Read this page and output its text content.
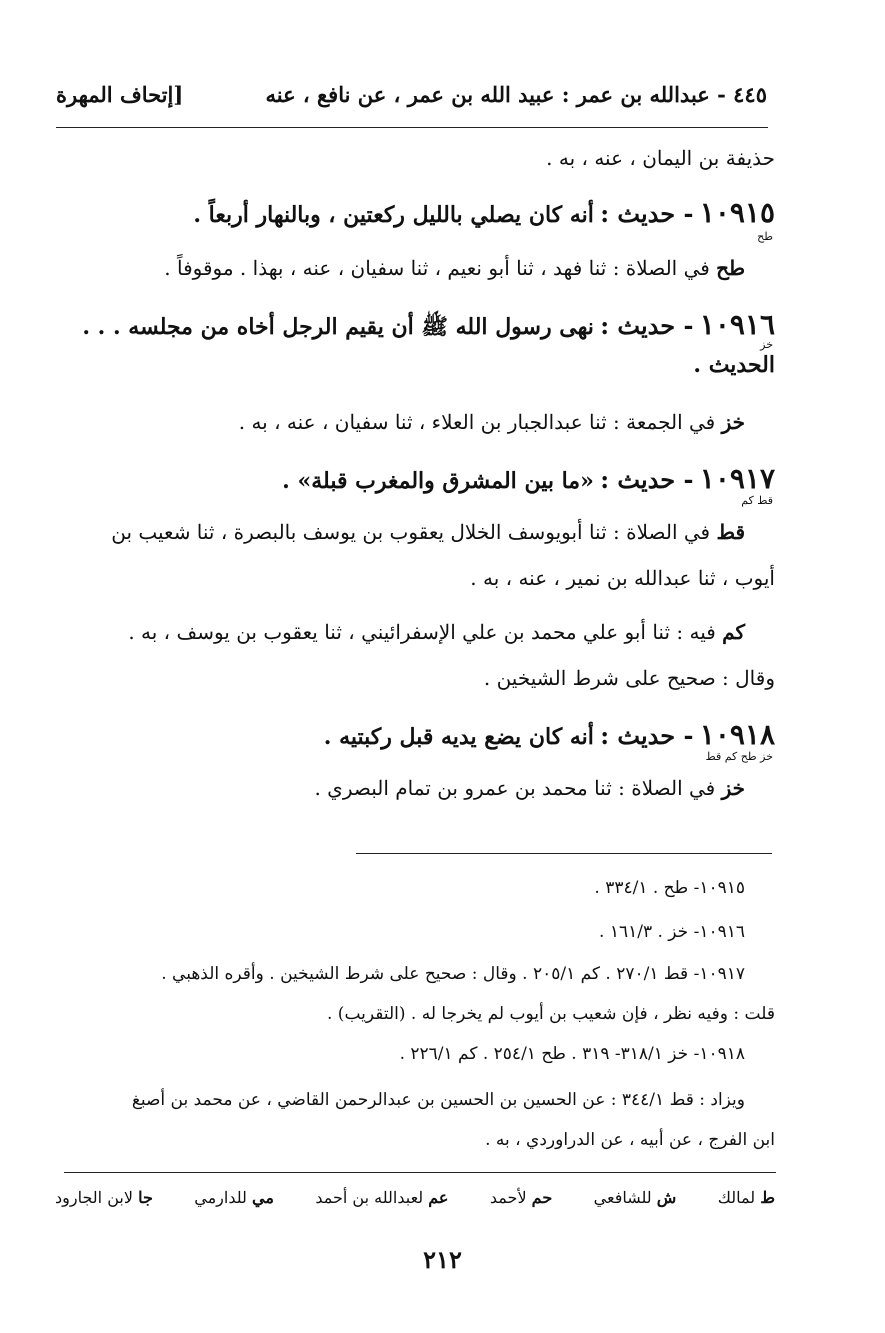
٤٤٥ - عبدالله بن عمر : عبيد الله بن عمر ، عن نافع ، عنه
[إتحاف المهرة
حذيفة بن اليمان ، عنه ، به .
١٠٩١٥ - حديث : أنه كان يصلي بالليل ركعتين ، وبالنهار أربعاً .
طح
طح في الصلاة : ثنا فهد ، ثنا أبو نعيم ، ثنا سفيان ، عنه ، بهذا . موقوفاً .
١٠٩١٦ - حديث : نهى رسول الله ﷺ أن يقيم الرجل أخاه من مجلسه . . .
خز
الحديث .
خز في الجمعة : ثنا عبدالجبار بن العلاء ، ثنا سفيان ، عنه ، به .
١٠٩١٧ - حديث : «ما بين المشرق والمغرب قبلة» .
قط كم
قط في الصلاة : ثنا أبويوسف الخلال يعقوب بن يوسف بالبصرة ، ثنا شعيب بن
أيوب ، ثنا عبدالله بن نمير ، عنه ، به .
كم فيه : ثنا أبو علي محمد بن علي الإسفرائيني ، ثنا يعقوب بن يوسف ، به .
وقال : صحيح على شرط الشيخين .
١٠٩١٨ - حديث : أنه كان يضع يديه قبل ركبتيه .
خز طح كم قط
خز في الصلاة : ثنا محمد بن عمرو بن تمام البصري .
١٠٩١٥- طح . ٣٣٤/١ .
١٠٩١٦- خز . ١٦١/٣ .
١٠٩١٧- قط ٢٧٠/١ . كم ٢٠٥/١ . وقال : صحيح على شرط الشيخين . وأقره الذهبي .
قلت : وفيه نظر ، فإن شعيب بن أيوب لم يخرجا له . (التقريب) .
١٠٩١٨- خز ٣١٨/١- ٣١٩ . طح ٢٥٤/١ . كم ٢٢٦/١ .
ويزاد : قط ٣٤٤/١ : عن الحسين بن الحسين بن عبدالرحمن القاضي ، عن محمد بن أصبغ
ابن الفرج ، عن أبيه ، عن الدراوردي ، به .
ط لمالك
ش للشافعي
حم لأحمد
عم لعبدالله بن أحمد
مي للدارمي
جا لابن الجارود
٢١٢
